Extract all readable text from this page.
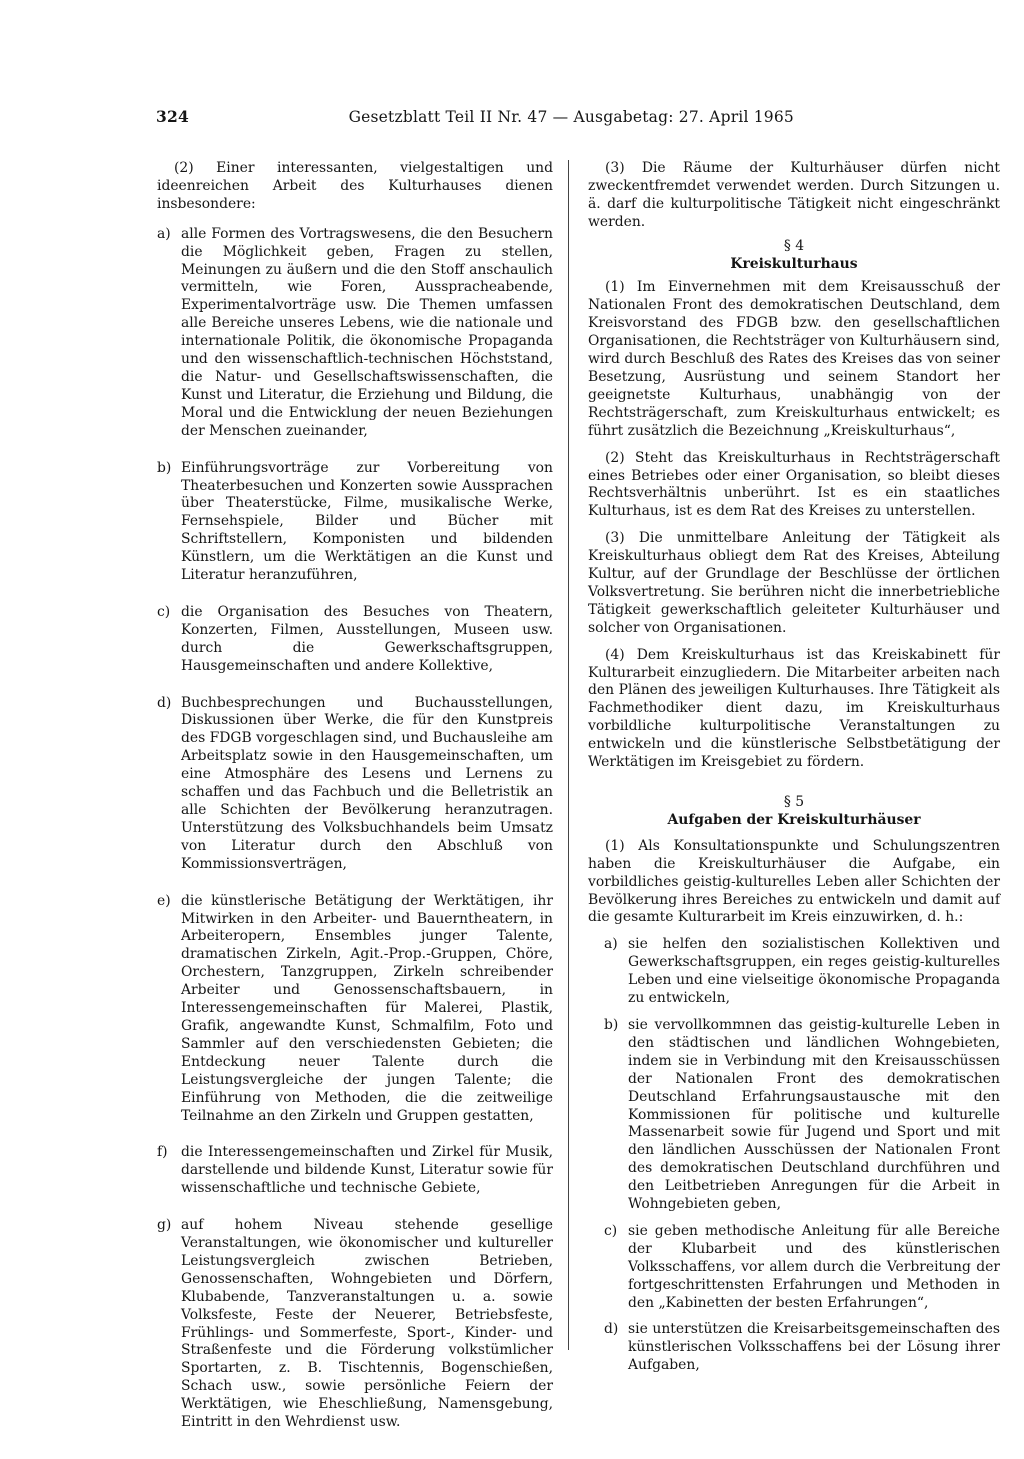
324	Gesetzblatt Teil II Nr. 47 — Ausgabetag: 27. April 1965

(2) Einer interessanten, vielgestaltigen und ideenreichen Arbeit des Kulturhauses dienen insbesondere:

a) alle Formen des Vortragswesens, die den Besuchern die Möglichkeit geben, Fragen zu stellen, Meinungen zu äußern und die den Stoff anschaulich vermitteln, wie Foren, Ausspracheabende, Experimentalvorträge usw. Die Themen umfassen alle Bereiche unseres Lebens, wie die nationale und internationale Politik, die ökonomische Propaganda und den wissenschaftlich-technischen Höchststand, die Natur- und Gesellschaftswissenschaften, die Kunst und Literatur, die Erziehung und Bildung, die Moral und die Entwicklung der neuen Beziehungen der Menschen zueinander,
b) Einführungsvorträge zur Vorbereitung von Theaterbesuchen und Konzerten sowie Aussprachen über Theaterstücke, Filme, musikalische Werke, Fernsehspiele, Bilder und Bücher mit Schriftstellern, Komponisten und bildenden Künstlern, um die Werktätigen an die Kunst und Literatur heranzuführen,
c) die Organisation des Besuches von Theatern, Konzerten, Filmen, Ausstellungen, Museen usw. durch die Gewerkschaftsgruppen, Hausgemeinschaften und andere Kollektive,
d) Buchbesprechungen und Buchausstellungen, Diskussionen über Werke, die für den Kunstpreis des FDGB vorgeschlagen sind, und Buchausleihe am Arbeitsplatz sowie in den Hausgemeinschaften, um eine Atmosphäre des Lesens und Lernens zu schaffen und das Fachbuch und die Belletristik an alle Schichten der Bevölkerung heranzutragen. Unterstützung des Volksbuchhandels beim Umsatz von Literatur durch den Abschluß von Kommissionsverträgen,
e) die künstlerische Betätigung der Werktätigen, ihr Mitwirken in den Arbeiter- und Bauerntheatern, in Arbeiteropern, Ensembles junger Talente, dramatischen Zirkeln, Agit.-Prop.-Gruppen, Chöre, Orchestern, Tanzgruppen, Zirkeln schreibender Arbeiter und Genossenschaftsbauern, in Interessengemeinschaften für Malerei, Plastik, Grafik, angewandte Kunst, Schmalfilm, Foto und Sammler auf den verschiedensten Gebieten; die Entdeckung neuer Talente durch die Leistungsvergleiche der jungen Talente; die Einführung von Methoden, die die zeitweilige Teilnahme an den Zirkeln und Gruppen gestatten,
f) die Interessengemeinschaften und Zirkel für Musik, darstellende und bildende Kunst, Literatur sowie für wissenschaftliche und technische Gebiete,
g) auf hohem Niveau stehende gesellige Veranstaltungen, wie ökonomischer und kultureller Leistungsvergleich zwischen Betrieben, Genossenschaften, Wohngebieten und Dörfern, Klubabende, Tanzveranstaltungen u. a. sowie Volksfeste, Feste der Neuerer, Betriebsfeste, Frühlings- und Sommerfeste, Sport-, Kinder- und Straßenfeste und die Förderung volkstümlicher Sportarten, z. B. Tischtennis, Bogenschießen, Schach usw., sowie persönliche Feiern der Werktätigen, wie Eheschließung, Namensgebung, Eintritt in den Wehrdienst usw.

(3) Die Räume der Kulturhäuser dürfen nicht zweckentfremdet verwendet werden. Durch Sitzungen u. ä. darf die kulturpolitische Tätigkeit nicht eingeschränkt werden.

§ 4
Kreiskulturhaus

(1) Im Einvernehmen mit dem Kreisausschuß der Nationalen Front des demokratischen Deutschland, dem Kreisvorstand des FDGB bzw. den gesellschaftlichen Organisationen, die Rechtsträger von Kulturhäusern sind, wird durch Beschluß des Rates des Kreises das von seiner Besetzung, Ausrüstung und seinem Standort her geeignetste Kulturhaus, unabhängig von der Rechtsträgerschaft, zum Kreiskulturhaus entwickelt; es führt zusätzlich die Bezeichnung „Kreiskulturhaus“,

(2) Steht das Kreiskulturhaus in Rechtsträgerschaft eines Betriebes oder einer Organisation, so bleibt dieses Rechtsverhältnis unberührt. Ist es ein staatliches Kulturhaus, ist es dem Rat des Kreises zu unterstellen.

(3) Die unmittelbare Anleitung der Tätigkeit als Kreiskulturhaus obliegt dem Rat des Kreises, Abteilung Kultur, auf der Grundlage der Beschlüsse der örtlichen Volksvertretung. Sie berühren nicht die innerbetriebliche Tätigkeit gewerkschaftlich geleiteter Kulturhäuser und solcher von Organisationen.

(4) Dem Kreiskulturhaus ist das Kreiskabinett für Kulturarbeit einzugliedern. Die Mitarbeiter arbeiten nach den Plänen des jeweiligen Kulturhauses. Ihre Tätigkeit als Fachmethodiker dient dazu, im Kreiskulturhaus vorbildliche kulturpolitische Veranstaltungen zu entwickeln und die künstlerische Selbstbetätigung der Werktätigen im Kreisgebiet zu fördern.

§ 5
Aufgaben der Kreiskulturhäuser

(1) Als Konsultationspunkte und Schulungszentren haben die Kreiskulturhäuser die Aufgabe, ein vorbildliches geistig-kulturelles Leben aller Schichten der Bevölkerung ihres Bereiches zu entwickeln und damit auf die gesamte Kulturarbeit im Kreis einzuwirken, d. h.:

a) sie helfen den sozialistischen Kollektiven und Gewerkschaftsgruppen, ein reges geistig-kulturelles Leben und eine vielseitige ökonomische Propaganda zu entwickeln,
b) sie vervollkommnen das geistig-kulturelle Leben in den städtischen und ländlichen Wohngebieten, indem sie in Verbindung mit den Kreisausschüssen der Nationalen Front des demokratischen Deutschland Erfahrungsaustausche mit den Kommissionen für politische und kulturelle Massenarbeit sowie für Jugend und Sport und mit den ländlichen Ausschüssen der Nationalen Front des demokratischen Deutschland durchführen und den Leitbetrieben Anregungen für die Arbeit in Wohngebieten geben,
c) sie geben methodische Anleitung für alle Bereiche der Klubarbeit und des künstlerischen Volksschaffens, vor allem durch die Verbreitung der fortgeschrittensten Erfahrungen und Methoden in den „Kabinetten der besten Erfahrungen“,
d) sie unterstützen die Kreisarbeitsgemeinschaften des künstlerischen Volksschaffens bei der Lösung ihrer Aufgaben,
